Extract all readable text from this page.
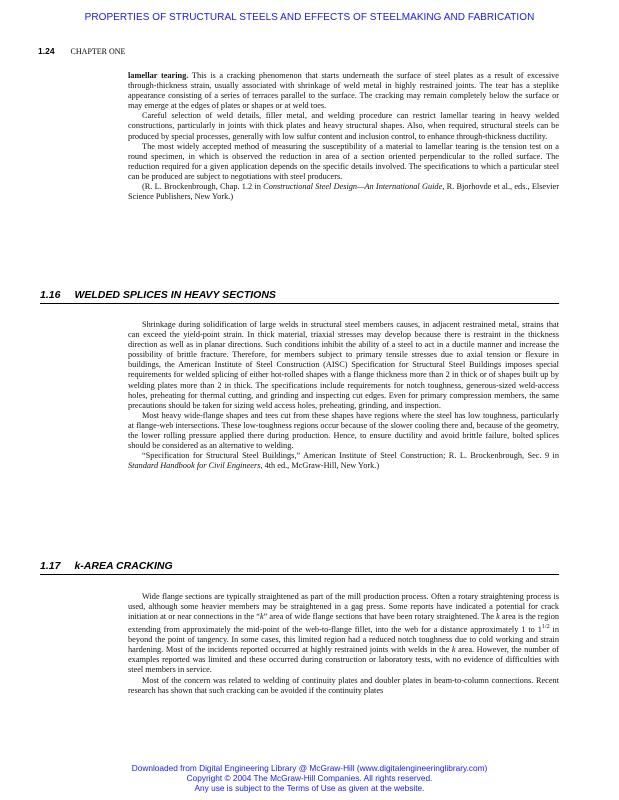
PROPERTIES OF STRUCTURAL STEELS AND EFFECTS OF STEELMAKING AND FABRICATION
1.24 CHAPTER ONE

lamellar tearing. This is a cracking phenomenon that starts underneath the surface of steel plates as a result of excessive through-thickness strain, usually associated with shrinkage of weld metal in highly restrained joints. The tear has a steplike appearance consisting of a series of terraces parallel to the surface. The cracking may remain completely below the surface or may emerge at the edges of plates or shapes or at weld toes.

Careful selection of weld details, filler metal, and welding procedure can restrict lamellar tearing in heavy welded constructions, particularly in joints with thick plates and heavy structural shapes. Also, when required, structural steels can be produced by special processes, generally with low sulfur content and inclusion control, to enhance through-thickness ductility.

The most widely accepted method of measuring the susceptibility of a material to lamellar tearing is the tension test on a round specimen, in which is observed the reduction in area of a section oriented perpendicular to the rolled surface. The reduction required for a given application depends on the specific details involved. The specifications to which a particular steel can be produced are subject to negotiations with steel producers.

(R. L. Brockenbrough, Chap. 1.2 in Constructional Steel Design—An International Guide, R. Bjorhovde et al., eds., Elsevier Science Publishers, New York.)

1.16 WELDED SPLICES IN HEAVY SECTIONS

Shrinkage during solidification of large welds in structural steel members causes, in adjacent restrained metal, strains that can exceed the yield-point strain. In thick material, triaxial stresses may develop because there is restraint in the thickness direction as well as in planar directions. Such conditions inhibit the ability of a steel to act in a ductile manner and increase the possibility of brittle fracture. Therefore, for members subject to primary tensile stresses due to axial tension or flexure in buildings, the American Institute of Steel Construction (AISC) Specification for Structural Steel Buildings imposes special requirements for welded splicing of either hot-rolled shapes with a flange thickness more than 2 in thick or of shapes built up by welding plates more than 2 in thick. The specifications include requirements for notch toughness, generous-sized weld-access holes, preheating for thermal cutting, and grinding and inspecting cut edges. Even for primary compression members, the same precautions should be taken for sizing weld access holes, preheating, grinding, and inspection.

Most heavy wide-flange shapes and tees cut from these shapes have regions where the steel has low toughness, particularly at flange-web intersections. These low-toughness regions occur because of the slower cooling there and, because of the geometry, the lower rolling pressure applied there during production. Hence, to ensure ductility and avoid brittle failure, bolted splices should be considered as an alternative to welding.

“Specification for Structural Steel Buildings,” American Institute of Steel Construction; R. L. Brockenbrough, Sec. 9 in Standard Handbook for Civil Engineers, 4th ed., McGraw-Hill, New York.)

1.17 k-AREA CRACKING

Wide flange sections are typically straightened as part of the mill production process. Often a rotary straightening process is used, although some heavier members may be straightened in a gag press. Some reports have indicated a potential for crack initiation at or near connections in the “k” area of wide flange sections that have been rotary straightened. The k area is the region extending from approximately the mid-point of the web-to-flange fillet, into the web for a distance approximately 1 to $1^{1/2}$ in beyond the point of tangency. In some cases, this limited region had a reduced notch toughness due to cold working and strain hardening. Most of the incidents reported occurred at highly restrained joints with welds in the k area. However, the number of examples reported was limited and these occurred during construction or laboratory tests, with no evidence of difficulties with steel members in service.

Most of the concern was related to welding of continuity plates and doubler plates in beam-to-column connections. Recent research has shown that such cracking can be avoided if the continuity plates

Downloaded from Digital Engineering Library @ McGraw-Hill (www.digitalengineeringlibrary.com)
Copyright © 2004 The McGraw-Hill Companies. All rights reserved.
Any use is subject to the Terms of Use as given at the website.
